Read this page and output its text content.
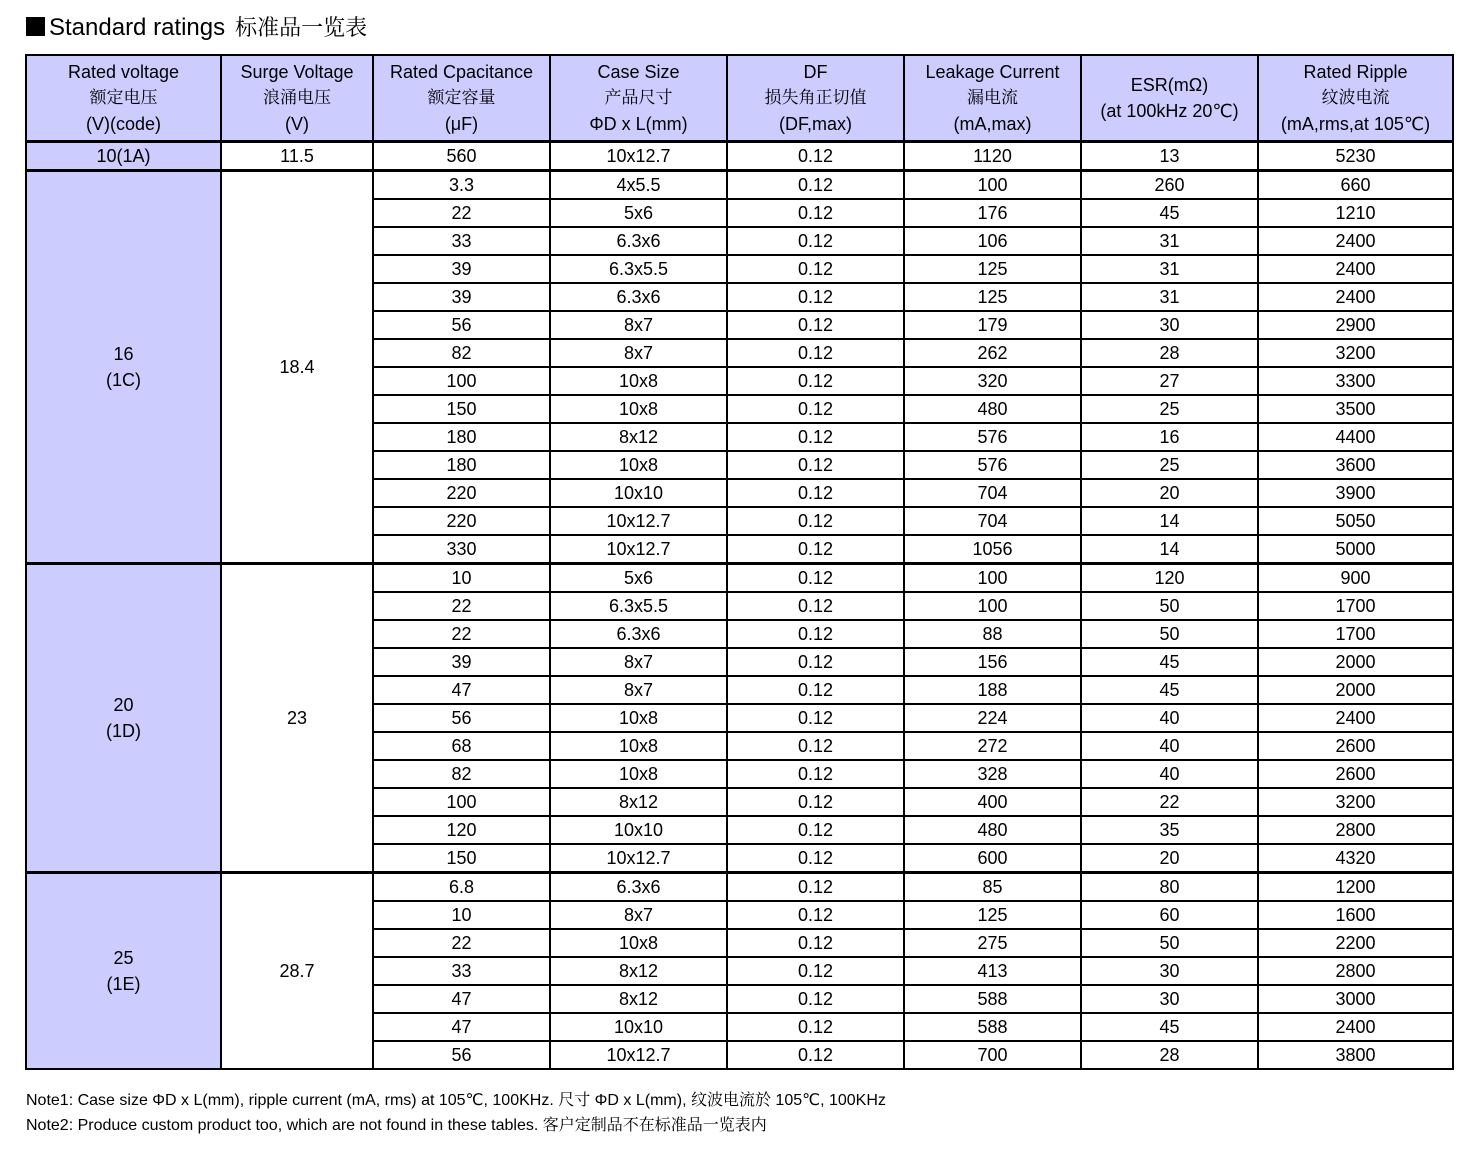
Standard ratings 标准品一览表
Rated voltage
额定电压
(V)(code)	Surge Voltage
浪涌电压
(V)	Rated Cpacitance
额定容量
(μF)	Case Size
产品尺寸
ΦD x L(mm)	DF
损失角正切值
(DF,max)	Leakage Current
漏电流
(mA,max)	ESR(mΩ)
(at 100kHz 20℃)	Rated Ripple
纹波电流
(mA,rms,at 105℃)

10(1A)	11.5	560	10x12.7	0.12	1120	13	5230

16
(1C)	18.4	3.3	4x5.5	0.12	100	260	660
		22	5x6	0.12	176	45	1210
		33	6.3x6	0.12	106	31	2400
		39	6.3x5.5	0.12	125	31	2400
		39	6.3x6	0.12	125	31	2400
		56	8x7	0.12	179	30	2900
		82	8x7	0.12	262	28	3200
		100	10x8	0.12	320	27	3300
		150	10x8	0.12	480	25	3500
		180	8x12	0.12	576	16	4400
		180	10x8	0.12	576	25	3600
		220	10x10	0.12	704	20	3900
		220	10x12.7	0.12	704	14	5050
		330	10x12.7	0.12	1056	14	5000

20
(1D)	23	10	5x6	0.12	100	120	900
		22	6.3x5.5	0.12	100	50	1700
		22	6.3x6	0.12	88	50	1700
		39	8x7	0.12	156	45	2000
		47	8x7	0.12	188	45	2000
		56	10x8	0.12	224	40	2400
		68	10x8	0.12	272	40	2600
		82	10x8	0.12	328	40	2600
		100	8x12	0.12	400	22	3200
		120	10x10	0.12	480	35	2800
		150	10x12.7	0.12	600	20	4320

25
(1E)	28.7	6.8	6.3x6	0.12	85	80	1200
		10	8x7	0.12	125	60	1600
		22	10x8	0.12	275	50	2200
		33	8x12	0.12	413	30	2800
		47	8x12	0.12	588	30	3000
		47	10x10	0.12	588	45	2400
		56	10x12.7	0.12	700	28	3800
Note1: Case size ΦD x L(mm), ripple current (mA, rms) at 105℃, 100KHz. 尺寸 ΦD x L(mm), 纹波电流於 105℃, 100KHz
Note2: Produce custom product too, which are not found in these tables. 客户定制品不在标准品一览表内
